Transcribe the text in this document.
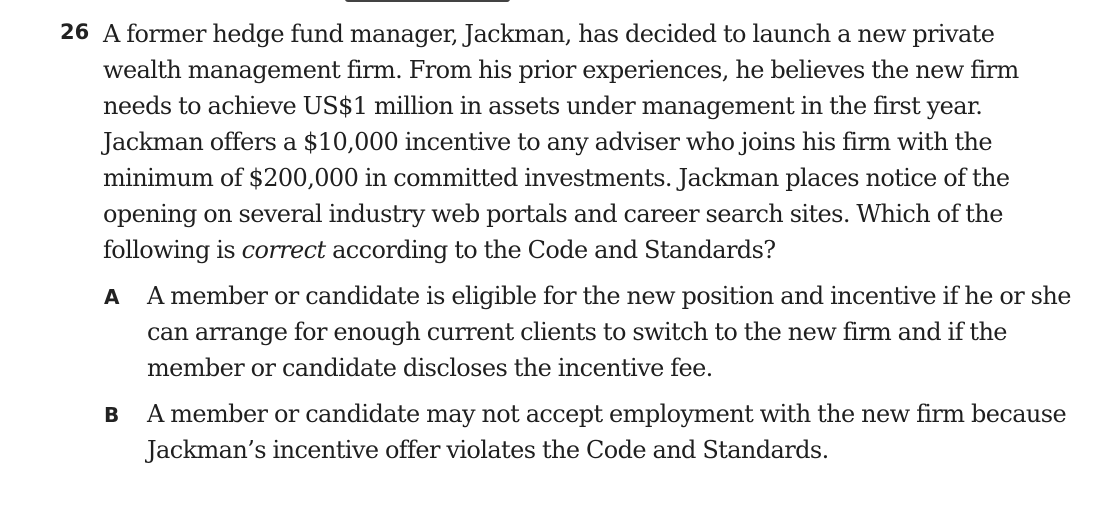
26 A former hedge fund manager, Jackman, has decided to launch a new private wealth management firm. From his prior experiences, he believes the new firm needs to achieve US$1 million in assets under management in the first year. Jackman offers a $10,000 incentive to any adviser who joins his firm with the minimum of $200,000 in committed investments. Jackman places notice of the opening on several industry web portals and career search sites. Which of the following is correct according to the Code and Standards?
A A member or candidate is eligible for the new position and incentive if he or she can arrange for enough current clients to switch to the new firm and if the member or candidate discloses the incentive fee.
B A member or candidate may not accept employment with the new firm because Jackman’s incentive offer violates the Code and Standards.
